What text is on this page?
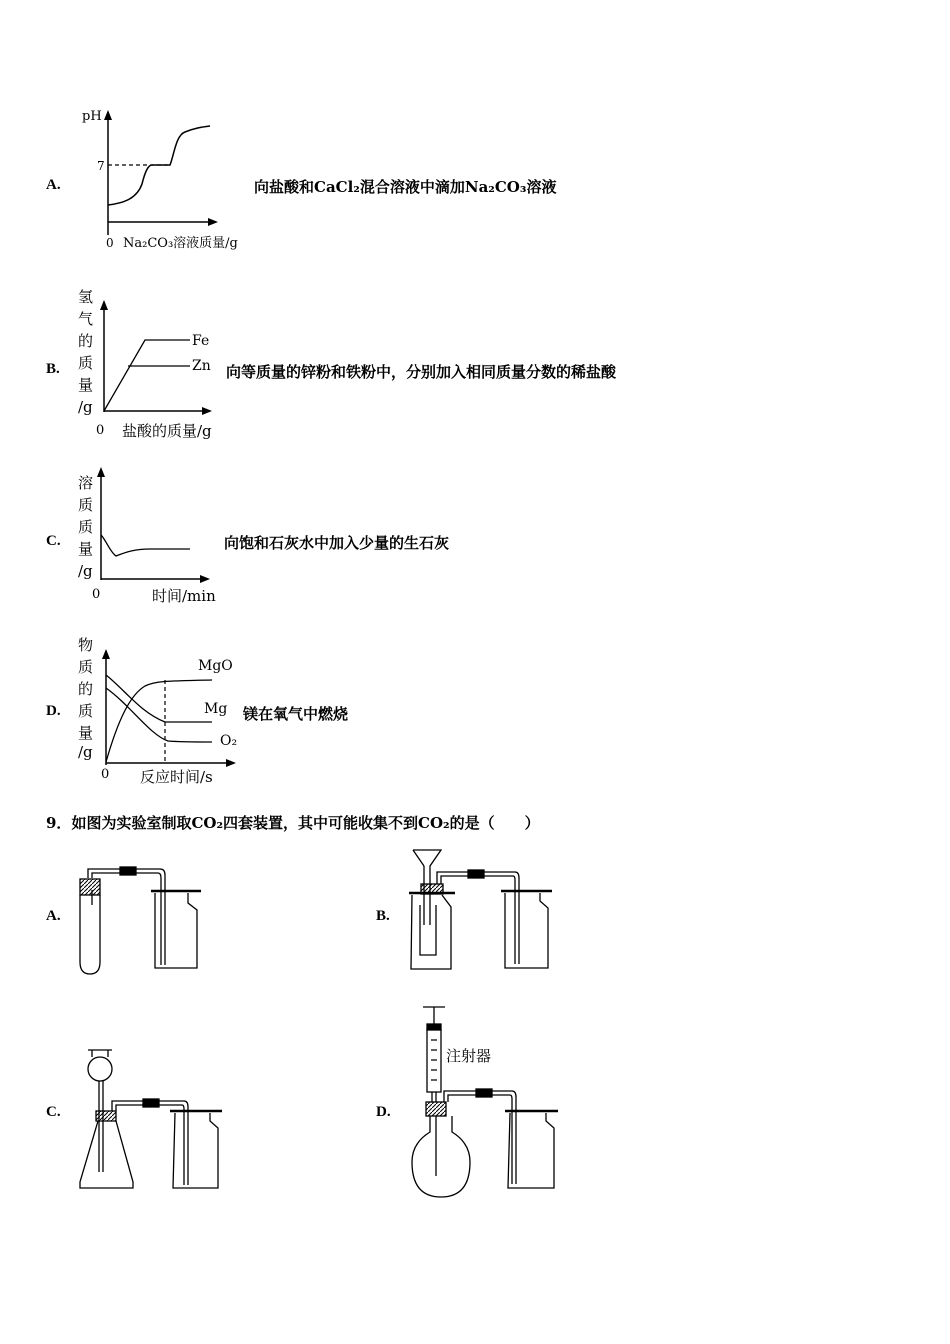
A.
pH
7
0 Na₂CO₃溶液质量/g
向盐酸和CaCl₂混合溶液中滴加Na₂CO₃溶液
B.
氢
气
的
质
量
/g
Fe
Zn
0 盐酸的质量/g
向等质量的锌粉和铁粉中，分别加入相同质量分数的稀盐酸
C.
溶
质
质
量
/g
0	时间/min
向饱和石灰水中加入少量的生石灰
D.
物
质
的
质
量
/g
MgO
Mg
O₂
0 反应时间/s
镁在氧气中燃烧
9．如图为实验室制取CO₂四套装置，其中可能收集不到CO₂的是（　　）
A.	B.
C.	D.
注射器
